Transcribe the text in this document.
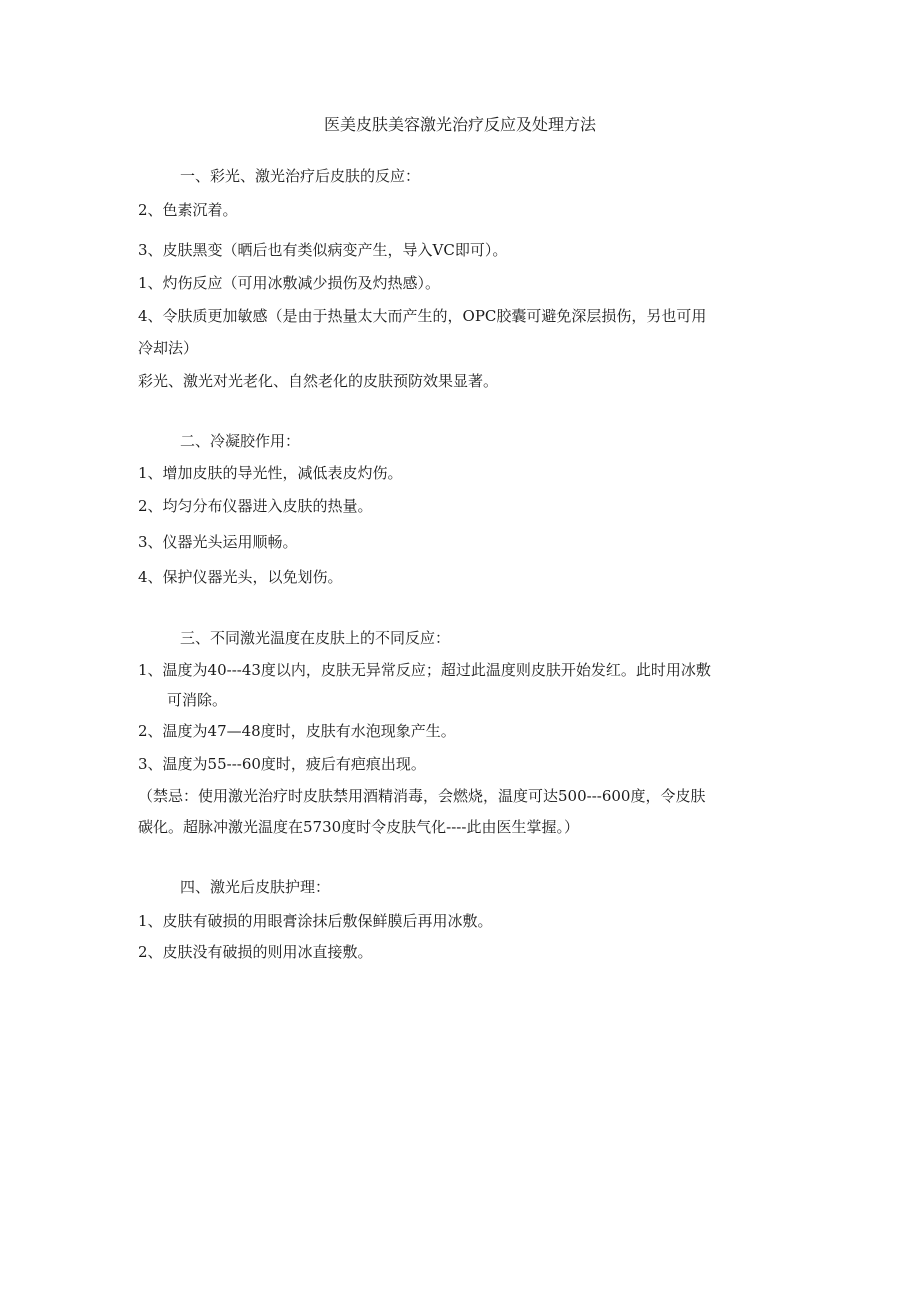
医美皮肤美容激光治疗反应及处理方法
一、彩光、激光治疗后皮肤的反应：
2、色素沉着。
3、皮肤黑变（晒后也有类似病变产生，导入VC即可）。
1、灼伤反应（可用冰敷减少损伤及灼热感）。
4、令肤质更加敏感（是由于热量太大而产生的，OPC胶囊可避免深层损伤，另也可用
冷却法）
彩光、激光对光老化、自然老化的皮肤预防效果显著。
二、冷凝胶作用：
1、增加皮肤的导光性，减低表皮灼伤。
2、均匀分布仪器进入皮肤的热量。
3、仪器光头运用顺畅。
4、保护仪器光头，以免划伤。
三、不同激光温度在皮肤上的不同反应：
1、温度为40---43度以内，皮肤无异常反应；超过此温度则皮肤开始发红。此时用冰敷
可消除。
2、温度为47—48度时，皮肤有水泡现象产生。
3、温度为55---60度时，疲后有疤痕出现。
（禁忌：使用激光治疗时皮肤禁用酒精消毒，会燃烧，温度可达500---600度，令皮肤
碳化。超脉冲激光温度在5730度时令皮肤气化----此由医生掌握。）
四、激光后皮肤护理：
1、皮肤有破损的用眼膏涂抹后敷保鲜膜后再用冰敷。
2、皮肤没有破损的则用冰直接敷。
